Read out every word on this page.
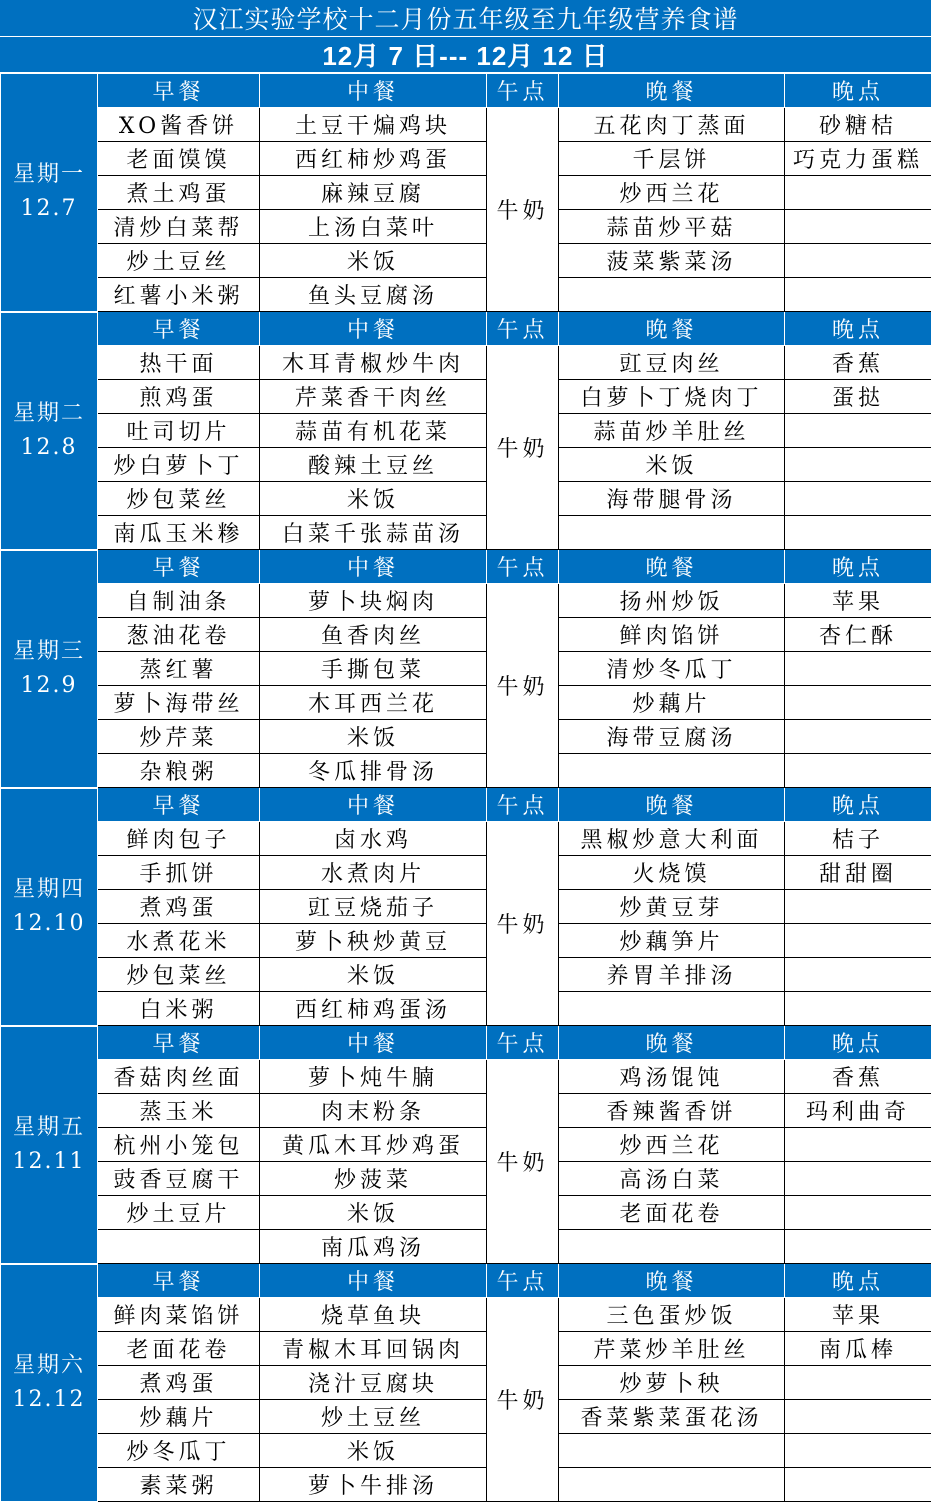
汉江实验学校十二月份五年级至九年级营养食谱
12月 7 日--- 12月 12 日
星期一
12.7	早餐	中餐	午点	晚餐	晚点
	XO酱香饼	土豆干煸鸡块	牛奶	五花肉丁蒸面	砂糖桔
	老面馍馍	西红柿炒鸡蛋		千层饼	巧克力蛋糕
	煮土鸡蛋	麻辣豆腐		炒西兰花	
	清炒白菜帮	上汤白菜叶		蒜苗炒平菇	
	炒土豆丝	米饭		菠菜紫菜汤	
	红薯小米粥	鱼头豆腐汤			

星期二
12.8	早餐	中餐	午点	晚餐	晚点
	热干面	木耳青椒炒牛肉	牛奶	豇豆肉丝	香蕉
	煎鸡蛋	芹菜香干肉丝		白萝卜丁烧肉丁	蛋挞
	吐司切片	蒜苗有机花菜		蒜苗炒羊肚丝	
	炒白萝卜丁	酸辣土豆丝		米饭	
	炒包菜丝	米饭		海带腿骨汤	
	南瓜玉米糁	白菜千张蒜苗汤			

星期三
12.9	早餐	中餐	午点	晚餐	晚点
	自制油条	萝卜块焖肉	牛奶	扬州炒饭	苹果
	葱油花卷	鱼香肉丝		鲜肉馅饼	杏仁酥
	蒸红薯	手撕包菜		清炒冬瓜丁	
	萝卜海带丝	木耳西兰花		炒藕片	
	炒芹菜	米饭		海带豆腐汤	
	杂粮粥	冬瓜排骨汤			

星期四
12.10	早餐	中餐	午点	晚餐	晚点
	鲜肉包子	卤水鸡	牛奶	黑椒炒意大利面	桔子
	手抓饼	水煮肉片		火烧馍	甜甜圈
	煮鸡蛋	豇豆烧茄子		炒黄豆芽	
	水煮花米	萝卜秧炒黄豆		炒藕笋片	
	炒包菜丝	米饭		养胃羊排汤	
	白米粥	西红柿鸡蛋汤			

星期五
12.11	早餐	中餐	午点	晚餐	晚点
	香菇肉丝面	萝卜炖牛腩	牛奶	鸡汤馄饨	香蕉
	蒸玉米	肉末粉条		香辣酱香饼	玛利曲奇
	杭州小笼包	黄瓜木耳炒鸡蛋		炒西兰花	
	豉香豆腐干	炒菠菜		高汤白菜	
	炒土豆片	米饭		老面花卷	
		南瓜鸡汤			

星期六
12.12	早餐	中餐	午点	晚餐	晚点
	鲜肉菜馅饼	烧草鱼块	牛奶	三色蛋炒饭	苹果
	老面花卷	青椒木耳回锅肉		芹菜炒羊肚丝	南瓜棒
	煮鸡蛋	浇汁豆腐块		炒萝卜秧	
	炒藕片	炒土豆丝		香菜紫菜蛋花汤	
	炒冬瓜丁	米饭			
	素菜粥	萝卜牛排汤			
